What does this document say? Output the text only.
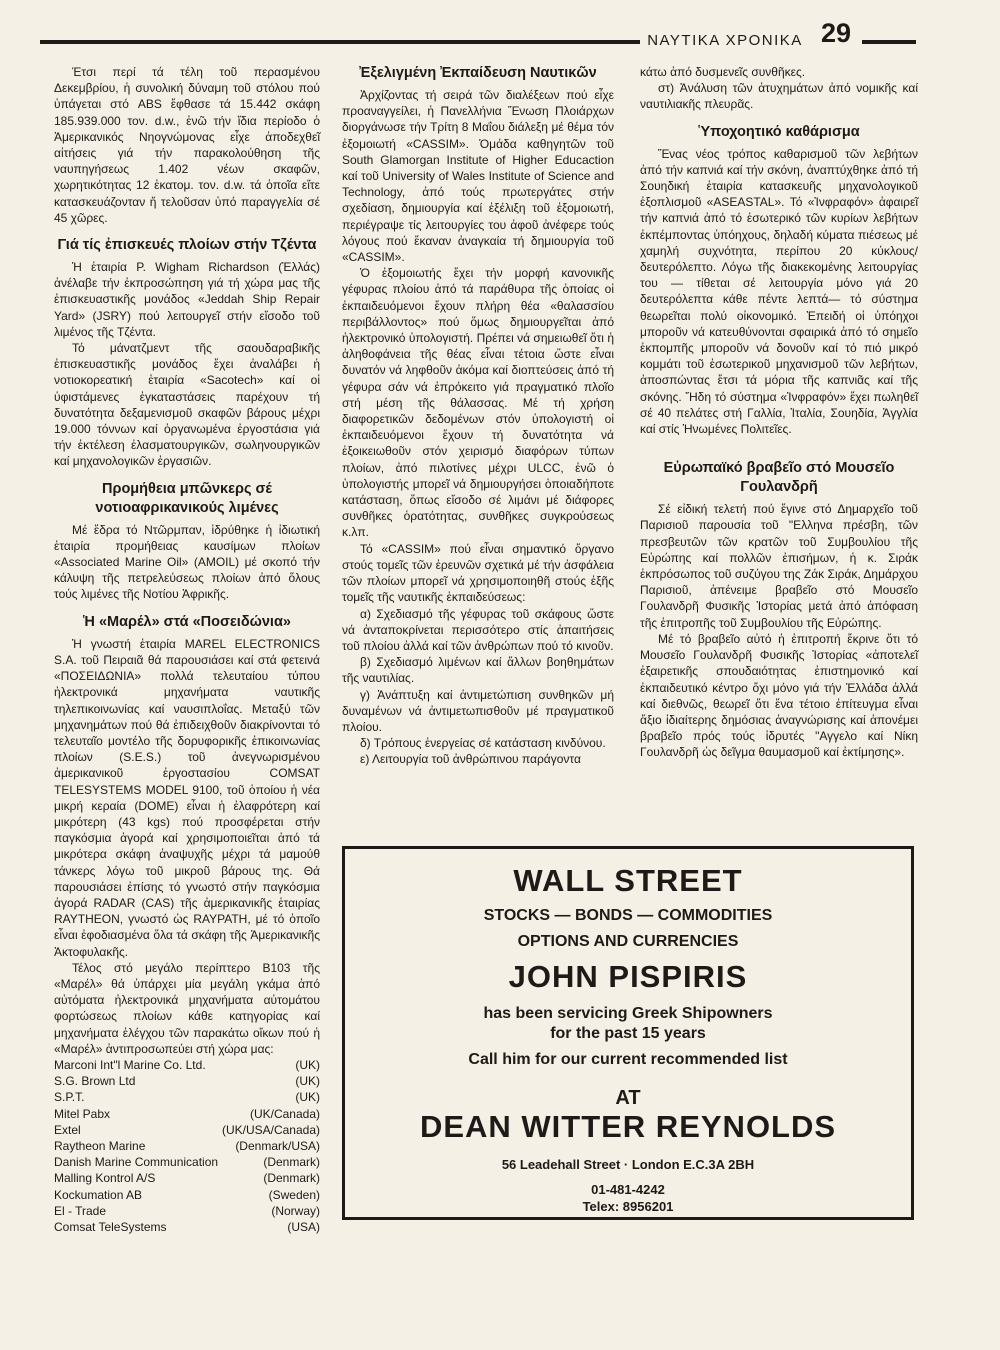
ΝΑΥΤΙΚΑ ΧΡΟΝΙΚΑ 29

Έτσι περί τά τέλη τοῦ περασμένου Δεκεμβρίου, ἡ συνολική δύναμη τοῦ στόλου πού ὑπάγεται στό ABS ἔφθασε τά 15.442 σκάφη 185.939.000 τον. d.w., ἐνῶ τήν ἴδια περίοδο ὁ Ἀμερικανικός Νηογνώμονας εἶχε ἀποδεχθεῖ αἰτήσεις γιά τήν παρακολούθηση τῆς ναυπηγήσεως 1.402 νέων σκαφῶν, χωρητικότητας 12 ἑκατομ. τον. d.w. τά ὁποῖα εἴτε κατασκευάζονταν ἤ τελοῦσαν ὑπό παραγγελία σέ 45 χῶρες.

Γιά τίς ἐπισκευές πλοίων στήν Τζέντα

Ἡ ἑταιρία P. Wigham Richardson (Ἑλλάς) ἀνέλαβε τήν ἐκπροσώπηση γιά τή χώρα μας τῆς ἐπισκευαστικῆς μονάδος «Jeddah Ship Repair Yard» (JSRY) πού λειτουργεῖ στήν εἴσοδο τοῦ λιμένος τῆς Τζέντα.

Τό μάνατζμεντ τῆς σαουδαραβικῆς ἐπισκευαστικῆς μονάδος ἔχει ἀναλάβει ἡ νοτιοκορεατική ἑταιρία «Sacotech» καί οἱ ὑφιστάμενες ἐγκαταστάσεις παρέχουν τή δυνατότητα δεξαμενισμοῦ σκαφῶν βάρους μέχρι 19.000 τόννων καί ὀργανωμένα ἐργοστάσια γιά τήν ἐκτέλεση ἐλασματουργικῶν, σωληνουργικῶν καί μηχανολογικῶν ἐργασιῶν.

Προμήθεια μπῶνκερς σέ νοτιοαφρικανικούς λιμένες

Μέ ἕδρα τό Ντῶρμπαν, ἱδρύθηκε ἡ ἰδιωτική ἑταιρία προμήθειας καυσίμων πλοίων «Associated Marine Oil» (AMOIL) μέ σκοπό τήν κάλυψη τῆς πετρελεύσεως πλοίων ἀπό ὅλους τούς λιμένες τῆς Νοτίου Ἀφρικῆς.

Ἡ «Μαρέλ» στά «Ποσειδώνια»

Ἡ γνωστή ἑταιρία MAREL ELECTRONICS S.A. τοῦ Πειραιᾶ θά παρουσιάσει καί στά φετεινά «ΠΟΣΕΙΔΩΝΙΑ» πολλά τελευταίου τύπου ἠλεκτρονικά μηχανήματα ναυτικῆς τηλεπικοινωνίας καί ναυσιπλοΐας. Μεταξύ τῶν μηχανημάτων πού θά ἐπιδειχθοῦν διακρίνονται τό τελευταῖο μοντέλο τῆς δορυφορικῆς ἐπικοινωνίας πλοίων (S.E.S.) τοῦ ἀνεγνωρισμένου ἀμερικανικοῦ ἐργοστασίου COMSAT TELESYSTEMS MODEL 9100, τοῦ ὁποίου ἡ νέα μικρή κεραία (DOME) εἶναι ἡ ἐλαφρότερη καί μικρότερη (43 kgs) πού προσφέρεται στήν παγκόσμια ἀγορά καί χρησιμοποιεῖται ἀπό τά μικρότερα σκάφη ἀναψυχῆς μέχρι τά μαμούθ τάνκερς λόγω τοῦ μικροῦ βάρους της. Θά παρουσιάσει ἐπίσης τό γνωστό στήν παγκόσμια ἀγορά RADAR (CAS) τῆς ἀμερικανικῆς ἑταιρίας RAYTHEON, γνωστό ὡς RAYPATH, μέ τό ὁποῖο εἶναι ἐφοδιασμένα ὅλα τά σκάφη τῆς Ἀμερικανικῆς Ἀκτοφυλακῆς.

Τέλος στό μεγάλο περίπτερο B103 τῆς «Μαρέλ» θά ὑπάρχει μία μεγάλη γκάμα ἀπό αὐτόματα ἠλεκτρονικά μηχανήματα αὐτομάτου φορτώσεως πλοίων κάθε κατηγορίας καί μηχανήματα ἐλέγχου τῶν παρακάτω οἴκων πού ἡ «Μαρέλ» ἀντιπροσωπεύει στή χώρα μας:

Marconi Int"l Marine Co. Ltd.	(UK)
S.G. Brown Ltd	(UK)
S.P.T.	(UK)
Mitel Pabx	(UK/Canada)
Extel	(UK/USA/Canada)
Raytheon Marine	(Denmark/USA)
Danish Marine Communication	(Denmark)
Malling Kontrol A/S	(Denmark)
Kockumation AB	(Sweden)
El - Trade	(Norway)
Comsat TeleSystems	(USA)
Ἐξελιγμένη Ἐκπαίδευση Ναυτικῶν

Ἀρχίζοντας τή σειρά τῶν διαλέξεων πού εἶχε προαναγγείλει, ἡ Πανελλήνια Ἕνωση Πλοιάρχων διοργάνωσε τήν Τρίτη 8 Μαΐου διάλεξη μέ θέμα τόν ἐξομοιωτή «CASSIM». Ὁμάδα καθηγητῶν τοῦ South Glamorgan Institute of Higher Educaction καί τοῦ University of Wales Institute of Science and Technology, ἀπό τούς πρωτεργάτες στήν σχεδίαση, δημιουργία καί ἐξέλιξη τοῦ ἐξομοιωτή, περιέγραψε τίς λειτουργίες του ἀφοῦ ἀνέφερε τούς λόγους πού ἔκαναν ἀναγκαία τή δημιουργία τοῦ «CASSIM».

Ὁ ἐξομοιωτής ἔχει τήν μορφή κανονικῆς γέφυρας πλοίου ἀπό τά παράθυρα τῆς ὁποίας οἱ ἐκπαιδευόμενοι ἔχουν πλήρη θέα «θαλασσίου περιβάλλοντος» πού ὅμως δημιουργεῖται ἀπό ἠλεκτρονικό ὑπολογιστή. Πρέπει νά σημειωθεῖ ὅτι ἡ ἀληθοφάνεια τῆς θέας εἶναι τέτοια ὥστε εἶναι δυνατόν νά ληφθοῦν ἀκόμα καί διοπτεύσεις ἀπό τή γέφυρα σάν νά ἐπρόκειτο γιά πραγματικό πλοῖο στή μέση τῆς θάλασσας. Μέ τή χρήση διαφορετικῶν δεδομένων στόν ὑπολογιστή οἱ ἐκπαιδευόμενοι ἔχουν τή δυνατότητα νά ἐξοικειωθοῦν στόν χειρισμό διαφόρων τύπων πλοίων, ἀπό πιλοτίνες μέχρι ULCC, ἐνῶ ὁ ὑπολογιστής μπορεῖ νά δημιουργήσει ὁποιαδήποτε κατάσταση, ὅπως εἴσοδο σέ λιμάνι μέ διάφορες συνθῆκες ὁρατότητας, συνθῆκες συγκρούσεως κ.λπ.

Τό «CASSIM» πού εἶναι σημαντικό ὄργανο στούς τομεῖς τῶν ἐρευνῶν σχετικά μέ τήν ἀσφάλεια τῶν πλοίων μπορεῖ νά χρησιμοποιηθῆ στούς ἑξῆς τομεῖς τῆς ναυτικῆς ἐκπαιδεύσεως:

α) Σχεδιασμό τῆς γέφυρας τοῦ σκάφους ὥστε νά ἀνταποκρίνεται περισσότερο στίς ἀπαιτήσεις τοῦ πλοίου ἀλλά καί τῶν ἀνθρώπων πού τό κινοῦν.

β) Σχεδιασμό λιμένων καί ἄλλων βοηθημάτων τῆς ναυτιλίας.

γ) Ἀνάπτυξη καί ἀντιμετώπιση συνθηκῶν μή δυναμένων νά ἀντιμετωπισθοῦν μέ πραγματικοῦ πλοίου.

δ) Τρόπους ἐνεργείας σέ κατάσταση κινδύνου.

ε) Λειτουργία τοῦ ἀνθρώπινου παράγοντα

κάτω ἀπό δυσμενεῖς συνθῆκες.

στ) Ἀνάλυση τῶν ἀτυχημάτων ἀπό νομικῆς καί ναυτιλιακῆς πλευρᾶς.

Ὑποχοητικό καθάρισμα

Ἕνας νέος τρόπος καθαρισμοῦ τῶν λεβήτων ἀπό τήν καπνιά καί τήν σκόνη, ἀναπτύχθηκε ἀπό τή Σουηδική ἑταιρία κατασκευῆς μηχανολογικοῦ ἐξοπλισμοῦ «ASEASTAL». Τό «Ἰνφραφόν» ἀφαιρεῖ τήν καπνιά ἀπό τό ἐσωτερικό τῶν κυρίων λεβήτων ἐκπέμποντας ὑπόηχους, δηλαδή κύματα πιέσεως μέ χαμηλή συχνότητα, περίπου 20 κύκλους/ δευτερόλεπτο. Λόγω τῆς διακεκομένης λειτουργίας του — τίθεται σέ λειτουργία μόνο γιά 20 δευτερόλεπτα κάθε πέντε λεπτά— τό σύστημα θεωρεῖται πολύ οἰκονομικό. Ἐπειδή οἱ ὑπόηχοι μποροῦν νά κατευθύνονται σφαιρικά ἀπό τό σημεῖο ἐκπομπῆς μποροῦν νά δονοῦν καί τό πιό μικρό κομμάτι τοῦ ἐσωτερικοῦ μηχανισμοῦ τῶν λεβήτων, ἀποσπώντας ἔτσι τά μόρια τῆς καπνιᾶς καί τῆς σκόνης. Ἤδη τό σύστημα «Ἰνφραφόν» ἔχει πωληθεῖ σέ 40 πελάτες στή Γαλλία, Ἰταλία, Σουηδία, Ἀγγλία καί στίς Ἡνωμένες Πολιτεῖες.

Εὐρωπαϊκό βραβεῖο στό Μουσεῖο Γουλανδρῆ

Σέ εἰδική τελετή πού ἔγινε στό Δημαρχεῖο τοῦ Παρισιοῦ παρουσία τοῦ "Ελληνα πρέσβη, τῶν πρεσβευτῶν τῶν κρατῶν τοῦ Συμβουλίου τῆς Εὐρώπης καί πολλῶν ἐπισήμων, ἡ κ. Σιράκ ἐκπρόσωπος τοῦ συζύγου της Ζάκ Σιράκ, Δημάρχου Παρισιοῦ, ἀπένειμε βραβεῖο στό Μουσεῖο Γουλανδρῆ Φυσικῆς Ἱστορίας μετά ἀπό ἀπόφαση τῆς ἐπιτροπῆς τοῦ Συμβουλίου τῆς Εὐρώπης.

Μέ τό βραβεῖο αὐτό ἡ ἐπιτροπή ἔκρινε ὅτι τό Μουσεῖο Γουλανδρῆ Φυσικῆς Ἱστορίας «ἀποτελεῖ ἐξαιρετικῆς σπουδαιότητας ἐπιστημονικό καί ἐκπαιδευτικό κέντρο ὄχι μόνο γιά τήν Ἑλλάδα ἀλλά καί διεθνῶς, θεωρεῖ ὅτι ἕνα τέτοιο ἐπίτευγμα εἶναι ἄξιο ἰδιαίτερης δημόσιας ἀναγνώρισης καί ἀπονέμει βραβεῖο πρός τούς ἱδρυτές "Αγγελο καί Νίκη Γουλανδρῆ ὡς δεῖγμα θαυμασμοῦ καί ἐκτίμησης».

WALL STREET
STOCKS — BONDS — COMMODITIES
OPTIONS AND CURRENCIES
JOHN PISPIRIS
has been servicing Greek Shipowners
for the past 15 years
Call him for our current recommended list
AT
DEAN WITTER REYNOLDS
56 Leadehall Street · London E.C.3A 2BH
01-481-4242
Telex: 8956201
